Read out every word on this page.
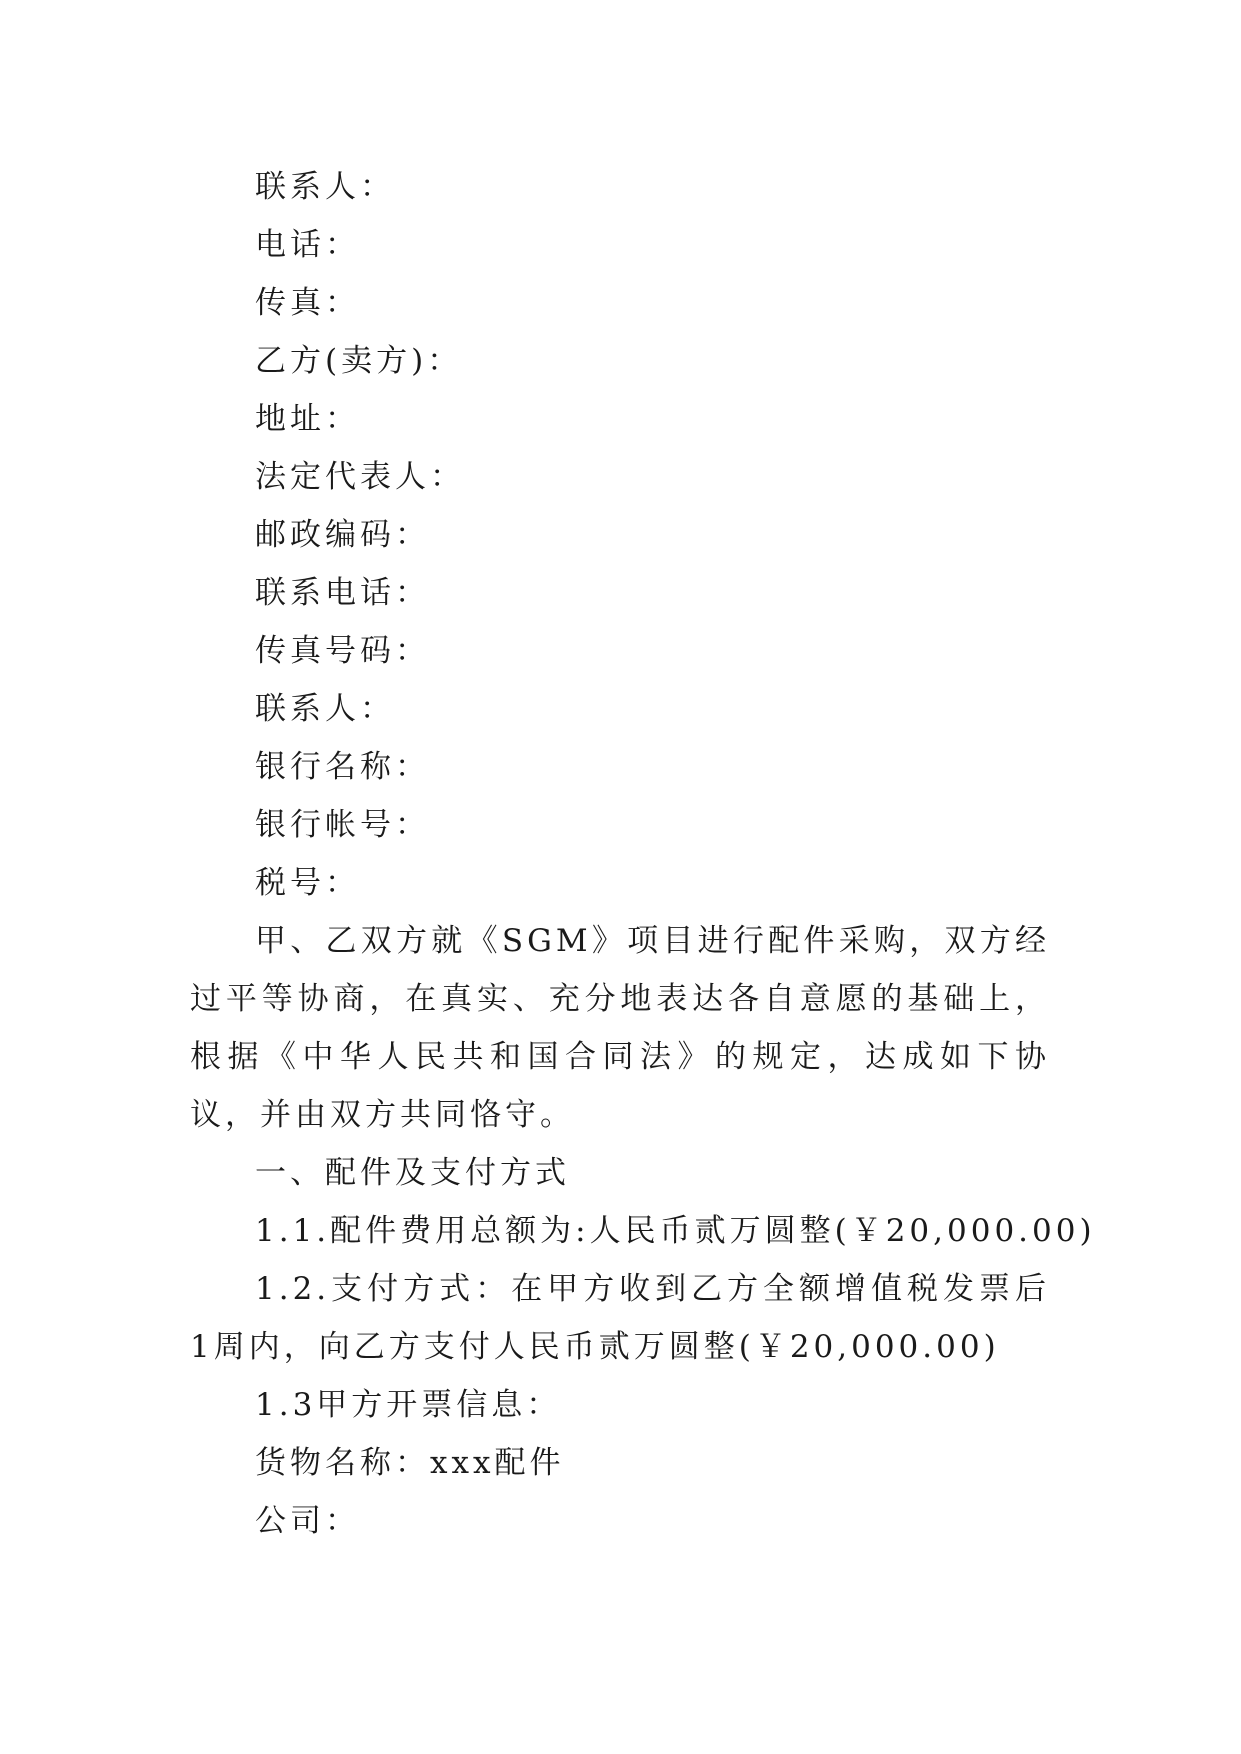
联系人：

电话：

传真：

乙方(卖方)：

地址：

法定代表人：

邮政编码：

联系电话：

传真号码：

联系人：

银行名称：

银行帐号：

税号：

甲、乙双方就《SGM》项目进行配件采购，双方经过平等协商，在真实、充分地表达各自意愿的基础上，根据《中华人民共和国合同法》的规定，达成如下协议，并由双方共同恪守。

一、配件及支付方式

1.1.配件费用总额为:人民币贰万圆整(￥20,000.00)

1.2.支付方式：在甲方收到乙方全额增值税发票后1周内，向乙方支付人民币贰万圆整(￥20,000.00)

1.3甲方开票信息：

货物名称：xxx配件

公司：
